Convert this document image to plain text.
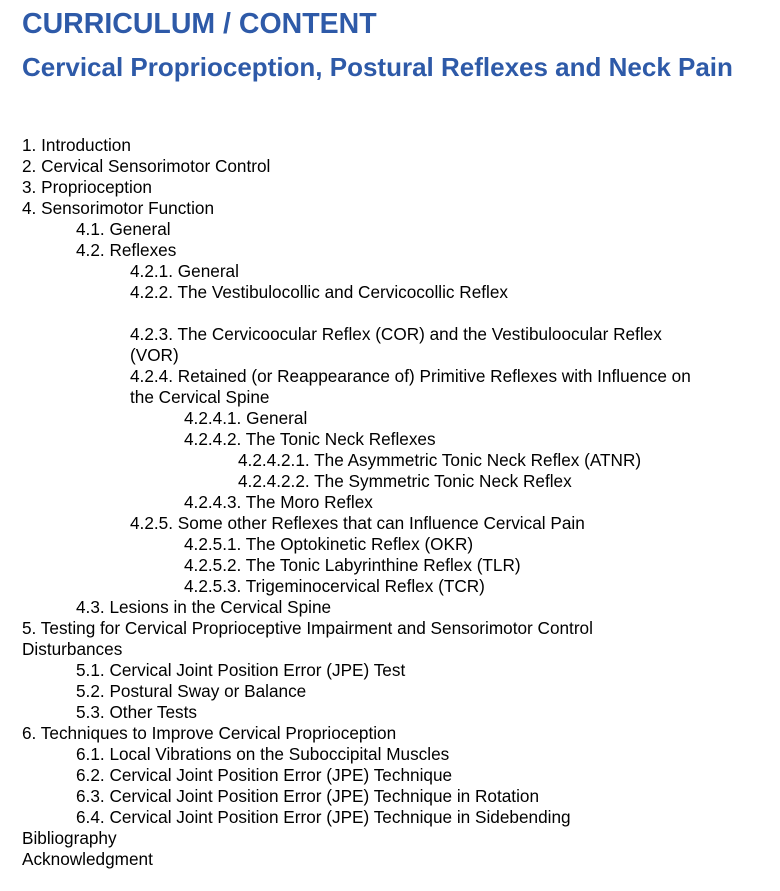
CURRICULUM / CONTENT
Cervical Proprioception, Postural Reflexes and Neck Pain
1. Introduction
2. Cervical Sensorimotor Control
3. Proprioception
4. Sensorimotor Function
4.1. General
4.2. Reflexes
4.2.1. General
4.2.2. The Vestibulocollic and Cervicocollic Reflex
4.2.3. The Cervicoocular Reflex (COR) and the Vestibuloocular Reflex (VOR)
4.2.4. Retained (or Reappearance of) Primitive Reflexes with Influence on the Cervical Spine
4.2.4.1. General
4.2.4.2. The Tonic Neck Reflexes
4.2.4.2.1. The Asymmetric Tonic Neck Reflex (ATNR)
4.2.4.2.2. The Symmetric Tonic Neck Reflex
4.2.4.3. The Moro Reflex
4.2.5. Some other Reflexes that can Influence Cervical Pain
4.2.5.1. The Optokinetic Reflex (OKR)
4.2.5.2. The Tonic Labyrinthine Reflex (TLR)
4.2.5.3. Trigeminocervical Reflex (TCR)
4.3. Lesions in the Cervical Spine
5. Testing for Cervical Proprioceptive Impairment and Sensorimotor Control Disturbances
5.1. Cervical Joint Position Error (JPE) Test
5.2. Postural Sway or Balance
5.3. Other Tests
6. Techniques to Improve Cervical Proprioception
6.1. Local Vibrations on the Suboccipital Muscles
6.2. Cervical Joint Position Error (JPE) Technique
6.3. Cervical Joint Position Error (JPE) Technique in Rotation
6.4. Cervical Joint Position Error (JPE) Technique in Sidebending
Bibliography
Acknowledgment
